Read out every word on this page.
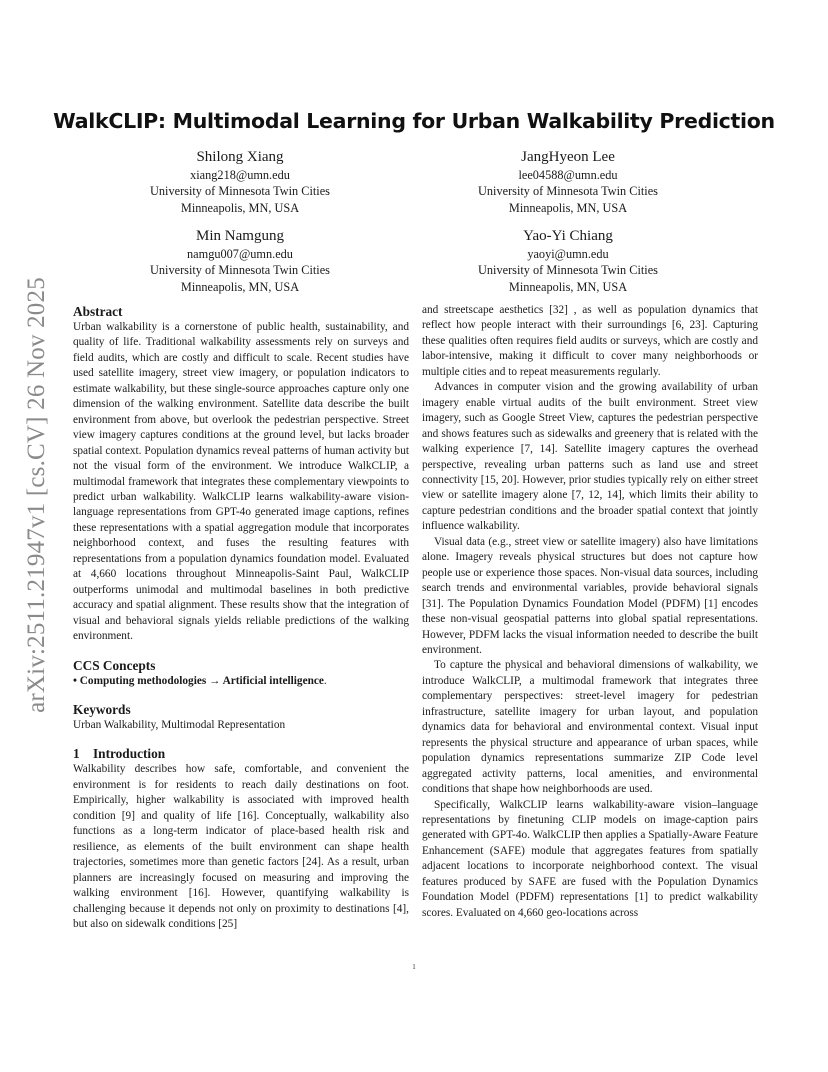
WalkCLIP: Multimodal Learning for Urban Walkability Prediction
Shilong Xiang
xiang218@umn.edu
University of Minnesota Twin Cities
Minneapolis, MN, USA
JangHyeon Lee
lee04588@umn.edu
University of Minnesota Twin Cities
Minneapolis, MN, USA
Min Namgung
namgu007@umn.edu
University of Minnesota Twin Cities
Minneapolis, MN, USA
Yao-Yi Chiang
yaoyi@umn.edu
University of Minnesota Twin Cities
Minneapolis, MN, USA
arXiv:2511.21947v1 [cs.CV] 26 Nov 2025 Abstract

Urban walkability is a cornerstone of public health, sustainability, and quality of life. Traditional walkability assessments rely on surveys and field audits, which are costly and difficult to scale. Recent studies have used satellite imagery, street view imagery, or population indicators to estimate walkability, but these single-source approaches capture only one dimension of the walking environment. Satellite data describe the built environment from above, but overlook the pedestrian perspective. Street view imagery captures conditions at the ground level, but lacks broader spatial context. Population dynamics reveal patterns of human activity but not the visual form of the environment. We introduce WalkCLIP, a multimodal framework that integrates these complementary viewpoints to predict urban walkability. WalkCLIP learns walkability-aware vision-language representations from GPT-4o generated image captions, refines these representations with a spatial aggregation module that incorporates neighborhood context, and fuses the resulting features with representations from a population dynamics foundation model. Evaluated at 4,660 locations throughout Minneapolis-Saint Paul, WalkCLIP outperforms unimodal and multimodal baselines in both predictive accuracy and spatial alignment. These results show that the integration of visual and behavioral signals yields reliable predictions of the walking environment.

CCS Concepts

• Computing methodologies → Artificial intelligence.

Keywords

Urban Walkability, Multimodal Representation

1 Introduction

Walkability describes how safe, comfortable, and convenient the environment is for residents to reach daily destinations on foot. Empirically, higher walkability is associated with improved health condition [9] and quality of life [16]. Conceptually, walkability also functions as a long-term indicator of place-based health risk and resilience, as elements of the built environment can shape health trajectories, sometimes more than genetic factors [24]. As a result, urban planners are increasingly focused on measuring and improving the walking environment [16]. However, quantifying walkability is challenging because it depends not only on proximity to destinations [4], but also on sidewalk conditions [25]

and streetscape aesthetics [32] , as well as population dynamics that reflect how people interact with their surroundings [6, 23]. Capturing these qualities often requires field audits or surveys, which are costly and labor-intensive, making it difficult to cover many neighborhoods or multiple cities and to repeat measurements regularly.

Advances in computer vision and the growing availability of urban imagery enable virtual audits of the built environment. Street view imagery, such as Google Street View, captures the pedestrian perspective and shows features such as sidewalks and greenery that is related with the walking experience [7, 14]. Satellite imagery captures the overhead perspective, revealing urban patterns such as land use and street connectivity [15, 20]. However, prior studies typically rely on either street view or satellite imagery alone [7, 12, 14], which limits their ability to capture pedestrian conditions and the broader spatial context that jointly influence walkability.

Visual data (e.g., street view or satellite imagery) also have limitations alone. Imagery reveals physical structures but does not capture how people use or experience those spaces. Non-visual data sources, including search trends and environmental variables, provide behavioral signals [31]. The Population Dynamics Foundation Model (PDFM) [1] encodes these non-visual geospatial patterns into global spatial representations. However, PDFM lacks the visual information needed to describe the built environment.

To capture the physical and behavioral dimensions of walkability, we introduce WalkCLIP, a multimodal framework that integrates three complementary perspectives: street-level imagery for pedestrian infrastructure, satellite imagery for urban layout, and population dynamics data for behavioral and environmental context. Visual input represents the physical structure and appearance of urban spaces, while population dynamics representations summarize ZIP Code level aggregated activity patterns, local amenities, and environmental conditions that shape how neighborhoods are used.

Specifically, WalkCLIP learns walkability-aware vision–language representations by finetuning CLIP models on image-caption pairs generated with GPT-4o. WalkCLIP then applies a Spatially-Aware Feature Enhancement (SAFE) module that aggregates features from spatially adjacent locations to incorporate neighborhood context. The visual features produced by SAFE are fused with the Population Dynamics Foundation Model (PDFM) representations [1] to predict walkability scores. Evaluated on 4,660 geo-locations across

1
